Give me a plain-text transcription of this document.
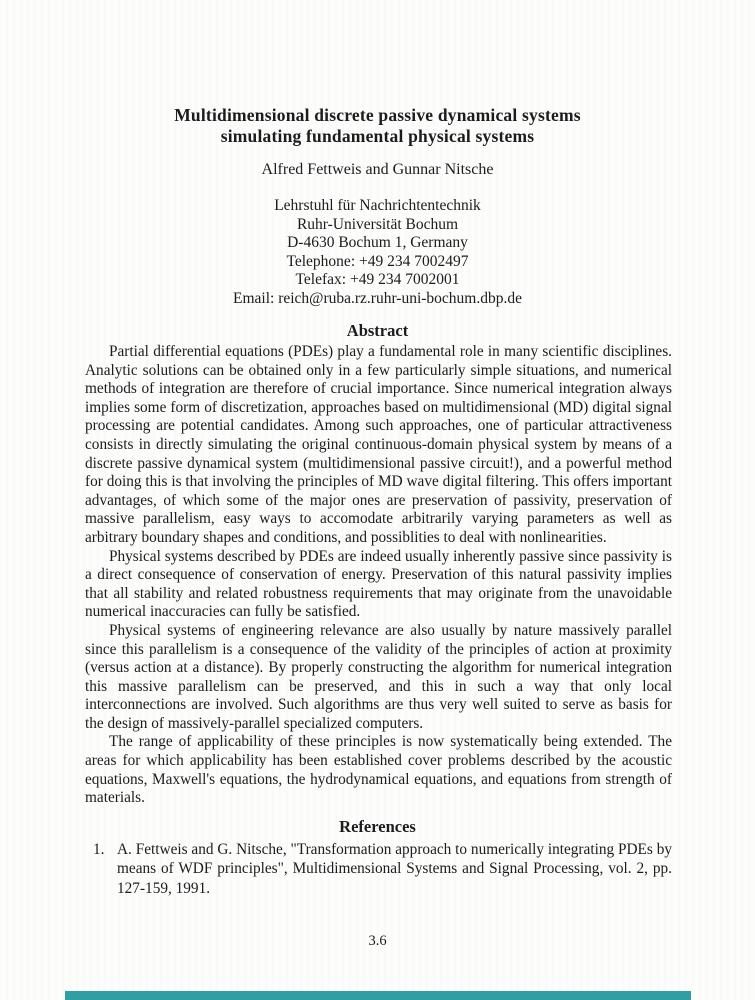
Multidimensional discrete passive dynamical systems
simulating fundamental physical systems
Alfred Fettweis and Gunnar Nitsche
Lehrstuhl für Nachrichtentechnik
Ruhr-Universität Bochum
D-4630 Bochum 1, Germany
Telephone: +49 234 7002497
Telefax: +49 234 7002001
Email: reich@ruba.rz.ruhr-uni-bochum.dbp.de
Abstract

Partial differential equations (PDEs) play a fundamental role in many scientific disciplines. Analytic solutions can be obtained only in a few particularly simple situations, and numerical methods of integration are therefore of crucial importance. Since numerical integration always implies some form of discretization, approaches based on multidimensional (MD) digital signal processing are potential candidates. Among such approaches, one of particular attractiveness consists in directly simulating the original continuous-domain physical system by means of a discrete passive dynamical system (multidimensional passive circuit!), and a powerful method for doing this is that involving the principles of MD wave digital filtering. This offers important advantages, of which some of the major ones are preservation of passivity, preservation of massive parallelism, easy ways to accomodate arbitrarily varying parameters as well as arbitrary boundary shapes and conditions, and possiblities to deal with nonlinearities.

Physical systems described by PDEs are indeed usually inherently passive since passivity is a direct consequence of conservation of energy. Preservation of this natural passivity implies that all stability and related robustness requirements that may originate from the unavoidable numerical inaccuracies can fully be satisfied.

Physical systems of engineering relevance are also usually by nature massively parallel since this parallelism is a consequence of the validity of the principles of action at proximity (versus action at a distance). By properly constructing the algorithm for numerical integration this massive parallelism can be preserved, and this in such a way that only local interconnections are involved. Such algorithms are thus very well suited to serve as basis for the design of massively-parallel specialized computers.

The range of applicability of these principles is now systematically being extended. The areas for which applicability has been established cover problems described by the acoustic equations, Maxwell's equations, the hydrodynamical equations, and equations from strength of materials.

References
1. A. Fettweis and G. Nitsche, "Transformation approach to numerically integrating PDEs by means of WDF principles", Multidimensional Systems and Signal Processing, vol. 2, pp. 127-159, 1991.
3.6
